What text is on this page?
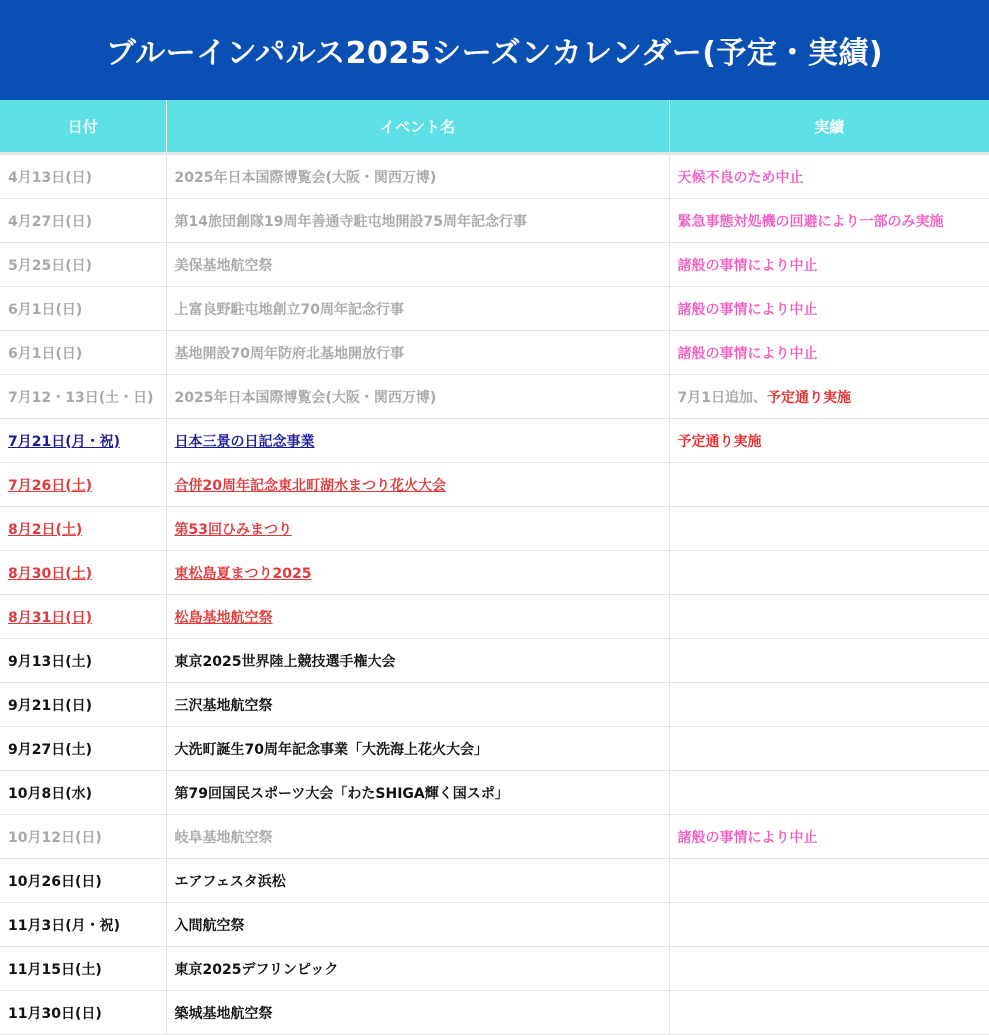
ブルーインパルス2025シーズンカレンダー(予定・実績)
日付	イベント名	実績
4月13日(日)	2025年日本国際博覧会(大阪・関西万博)	天候不良のため中止
4月27日(日)	第14旅団創隊19周年善通寺駐屯地開設75周年記念行事	緊急事態対処機の回避により一部のみ実施
5月25日(日)	美保基地航空祭	諸般の事情により中止
6月1日(日)	上富良野駐屯地創立70周年記念行事	諸般の事情により中止
6月1日(日)	基地開設70周年防府北基地開放行事	諸般の事情により中止
7月12・13日(土・日)	2025年日本国際博覧会(大阪・関西万博)	7月1日追加、予定通り実施
7月21日(月・祝)	日本三景の日記念事業	予定通り実施
7月26日(土)	合併20周年記念東北町湖水まつり花火大会	
8月2日(土)	第53回ひみまつり	
8月30日(土)	東松島夏まつり2025	
8月31日(日)	松島基地航空祭	
9月13日(土)	東京2025世界陸上競技選手権大会	
9月21日(日)	三沢基地航空祭	
9月27日(土)	大洗町誕生70周年記念事業「大洗海上花火大会」	
10月8日(水)	第79回国民スポーツ大会「わたSHIGA輝く国スポ」	
10月12日(日)	岐阜基地航空祭	諸般の事情により中止
10月26日(日)	エアフェスタ浜松	
11月3日(月・祝)	入間航空祭	
11月15日(土)	東京2025デフリンピック	
11月30日(日)	築城基地航空祭	
